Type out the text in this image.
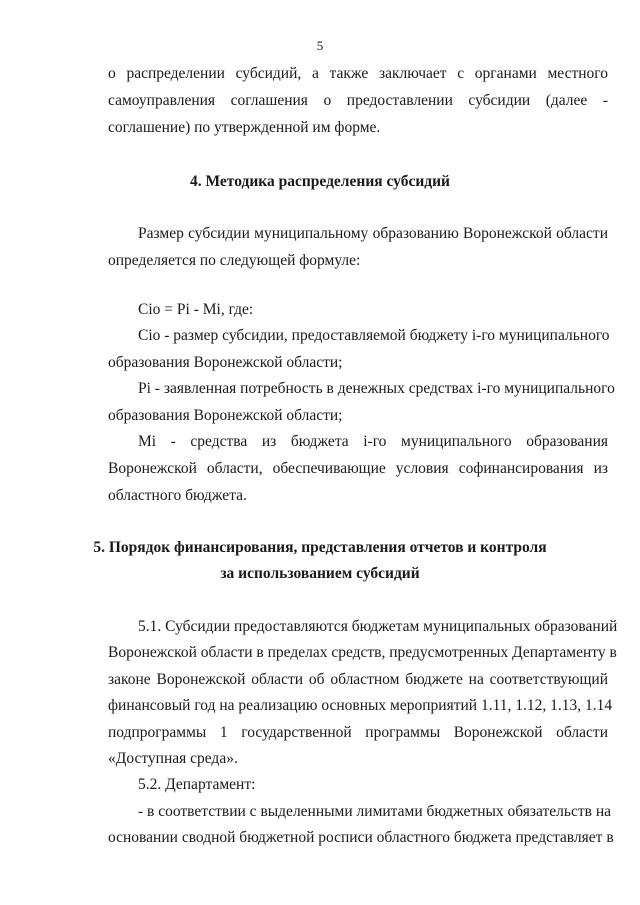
5
о распределении субсидий, а также заключает с органами местного
самоуправления соглашения о предоставлении субсидии (далее -
соглашение) по утвержденной им форме.
Размер субсидии муниципальному образованию Воронежской области
определяется по следующей формуле:
Сio = Pi - Mi, где:
Сio - размер субсидии, предоставляемой бюджету i-го муниципального
образования Воронежской области;
Pi - заявленная потребность в денежных средствах i-го муниципального
образования Воронежской области;
Mi - средства из бюджета i-го муниципального образования
Воронежской области, обеспечивающие условия софинансирования из
областного бюджета.
5.1. Субсидии предоставляются бюджетам муниципальных образований
Воронежской области в пределах средств, предусмотренных Департаменту в
законе Воронежской области об областном бюджете на соответствующий
финансовый год на реализацию основных мероприятий 1.11, 1.12, 1.13, 1.14
подпрограммы 1 государственной программы Воронежской области
«Доступная среда».
5.2. Департамент:
- в соответствии с выделенными лимитами бюджетных обязательств на
основании сводной бюджетной росписи областного бюджета представляет в
4. Методика распределения субсидий
5. Порядок финансирования, представления отчетов и контроля
за использованием субсидий
